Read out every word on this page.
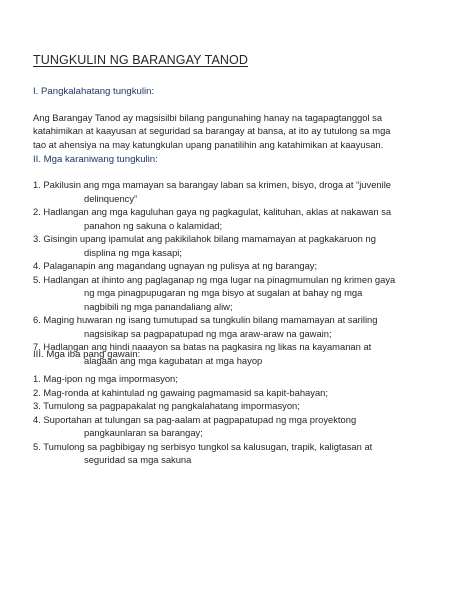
TUNGKULIN NG BARANGAY TANOD
I. Pangkalahatang tungkulin:
Ang Barangay Tanod ay magsisilbi bilang pangunahing hanay na tagapagtanggol sa
katahimikan at kaayusan at seguridad sa barangay at bansa, at ito ay tutulong sa mga
tao at ahensiya na may katungkulan upang panatilihin ang katahimikan at kaayusan.
II. Mga karaniwang tungkulin:
1. Pakilusin ang mga mamayan sa barangay laban sa krimen, bisyo, droga at “juvenile
delinquency”
2. Hadlangan ang mga kaguluhan gaya ng pagkagulat, kalituhan, aklas at nakawan sa
panahon ng sakuna o kalamidad;
3. Gisingin upang ipamulat ang pakikilahok bilang mamamayan at pagkakaruon ng
displina ng mga kasapi;
4. Palaganapin ang magandang ugnayan ng pulisya at ng barangay;
5. Hadlangan at ihinto ang paglaganap ng mga lugar na pinagmumulan ng krimen gaya
ng mga pinagpupugaran ng mga bisyo at sugalan at bahay ng mga
nagbibili ng mga panandaliang aliw;
6. Maging huwaran ng isang tumutupad sa tungkulin bilang mamamayan at sariling
nagsisikap sa pagpapatupad ng mga araw-araw na gawain;
7. Hadlangan ang hindi naaayon sa batas na pagkasira ng likas na kayamanan at
alagaan ang mga kagubatan at mga hayop
III. Mga iba pang gawain:
1. Mag-ipon ng mga impormasyon;
2. Mag-ronda at kahintulad ng gawaing pagmamasid sa kapit-bahayan;
3. Tumulong sa pagpapakalat ng pangkalahatang impormasyon;
4. Suportahan at tulungan sa pag-aalam at pagpapatupad ng mga proyektong
pangkaunlaran sa barangay;
5. Tumulong sa pagbibigay ng serbisyo tungkol sa kalusugan, trapik, kaligtasan at
seguridad sa mga sakuna
